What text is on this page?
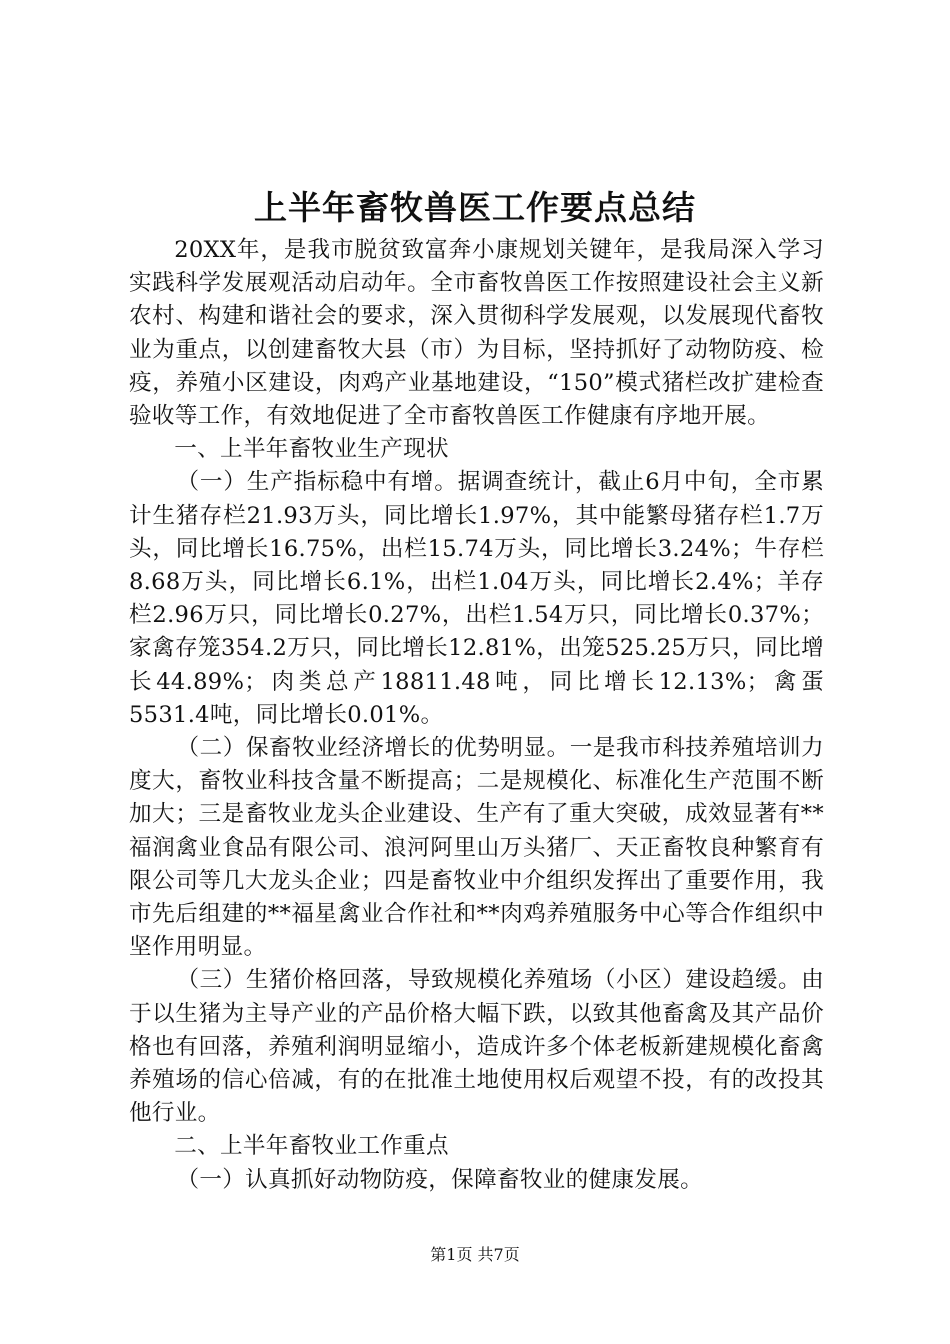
上半年畜牧兽医工作要点总结

20XX年，是我市脱贫致富奔小康规划关键年，是我局深入学习实践科学发展观活动启动年。全市畜牧兽医工作按照建设社会主义新农村、构建和谐社会的要求，深入贯彻科学发展观，以发展现代畜牧业为重点，以创建畜牧大县（市）为目标，坚持抓好了动物防疫、检疫，养殖小区建设，肉鸡产业基地建设，“150”模式猪栏改扩建检查验收等工作，有效地促进了全市畜牧兽医工作健康有序地开展。

一、上半年畜牧业生产现状

（一）生产指标稳中有增。据调查统计，截止6月中旬，全市累计生猪存栏21.93万头，同比增长1.97%，其中能繁母猪存栏1.7万头，同比增长16.75%，出栏15.74万头，同比增长3.24%；牛存栏8.68万头，同比增长6.1%，出栏1.04万头，同比增长2.4%；羊存栏2.96万只，同比增长0.27%，出栏1.54万只，同比增长0.37%；家禽存笼354.2万只，同比增长12.81%，出笼525.25万只，同比增长44.89%；肉类总产18811.48吨，同比增长12.13%；禽蛋5531.4吨，同比增长0.01%。

（二）保畜牧业经济增长的优势明显。一是我市科技养殖培训力度大，畜牧业科技含量不断提高；二是规模化、标准化生产范围不断加大；三是畜牧业龙头企业建设、生产有了重大突破，成效显著有**福润禽业食品有限公司、浪河阿里山万头猪厂、天正畜牧良种繁育有限公司等几大龙头企业；四是畜牧业中介组织发挥出了重要作用，我市先后组建的**福星禽业合作社和**肉鸡养殖服务中心等合作组织中坚作用明显。

（三）生猪价格回落，导致规模化养殖场（小区）建设趋缓。由于以生猪为主导产业的产品价格大幅下跌，以致其他畜禽及其产品价格也有回落，养殖利润明显缩小，造成许多个体老板新建规模化畜禽养殖场的信心倍减，有的在批准土地使用权后观望不投，有的改投其他行业。

二、上半年畜牧业工作重点

（一）认真抓好动物防疫，保障畜牧业的健康发展。

第1页 共7页
